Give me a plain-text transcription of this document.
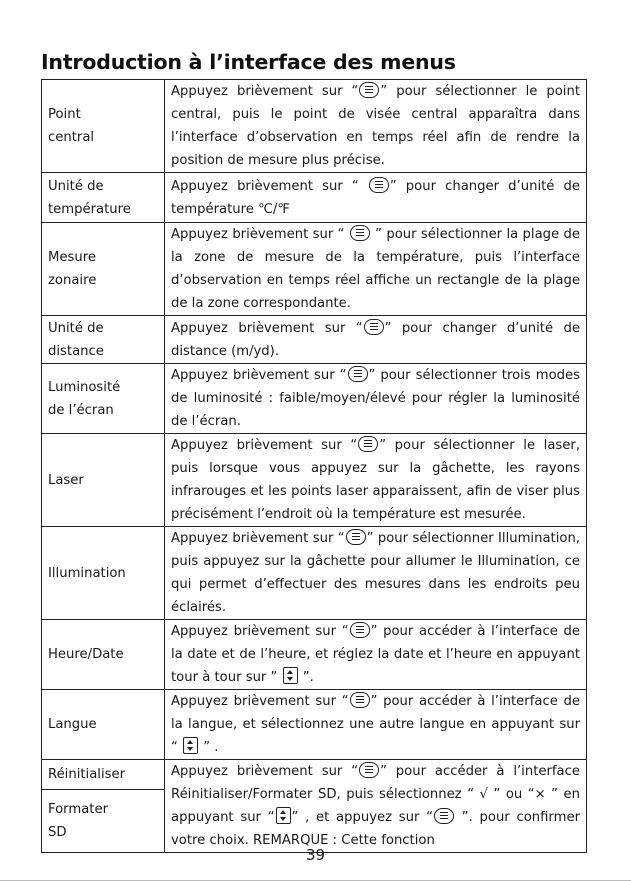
Introduction à l’interface des menus
Point
central	Appuyez brièvement sur “ ” pour sélectionner le point central, puis le point de visée central apparaîtra dans l’interface d’observation en temps réel afin de rendre la position de mesure plus précise.
Unité de
température	Appuyez brièvement sur “ ” pour changer d’unité de température ℃/℉
Mesure
zonaire	Appuyez brièvement sur “  ” pour sélectionner la plage de la zone de mesure de la température, puis l’interface d’observation en temps réel affiche un rectangle de la plage de la zone correspondante.
Unité de
distance	Appuyez brièvement sur “ ” pour changer d’unité de distance (m/yd).
Luminosité
de l’écran	Appuyez brièvement sur “ ” pour sélectionner trois modes de luminosité : faible/moyen/élevé pour régler la luminosité de l’écran.
Laser	Appuyez brièvement sur “ ” pour sélectionner le laser, puis lorsque vous appuyez sur la gâchette, les rayons infrarouges et les points laser apparaissent, afin de viser plus précisément l’endroit où la température est mesurée.
Illumination	Appuyez brièvement sur “ ” pour sélectionner Illumination, puis appuyez sur la gâchette pour allumer le Illumination, ce qui permet d’effectuer des mesures dans les endroits peu éclairés.
Heure/Date	Appuyez brièvement sur “ ” pour accéder à l’interface de la date et de l’heure, et réglez la date et l’heure en appuyant tour à tour sur ”  ”.
Langue	Appuyez brièvement sur “ ” pour accéder à l’interface de la langue, et sélectionnez une autre langue en appuyant sur “  ” .
Réinitialiser	Appuyez brièvement sur “ ” pour accéder à l’interface Réinitialiser/Formater SD, puis sélectionnez “ √ ” ou “× ” en appuyant sur “ ” , et appuyez sur “ ”. pour confirmer votre choix. REMARQUE : Cette fonction
Formater
SD	
39
